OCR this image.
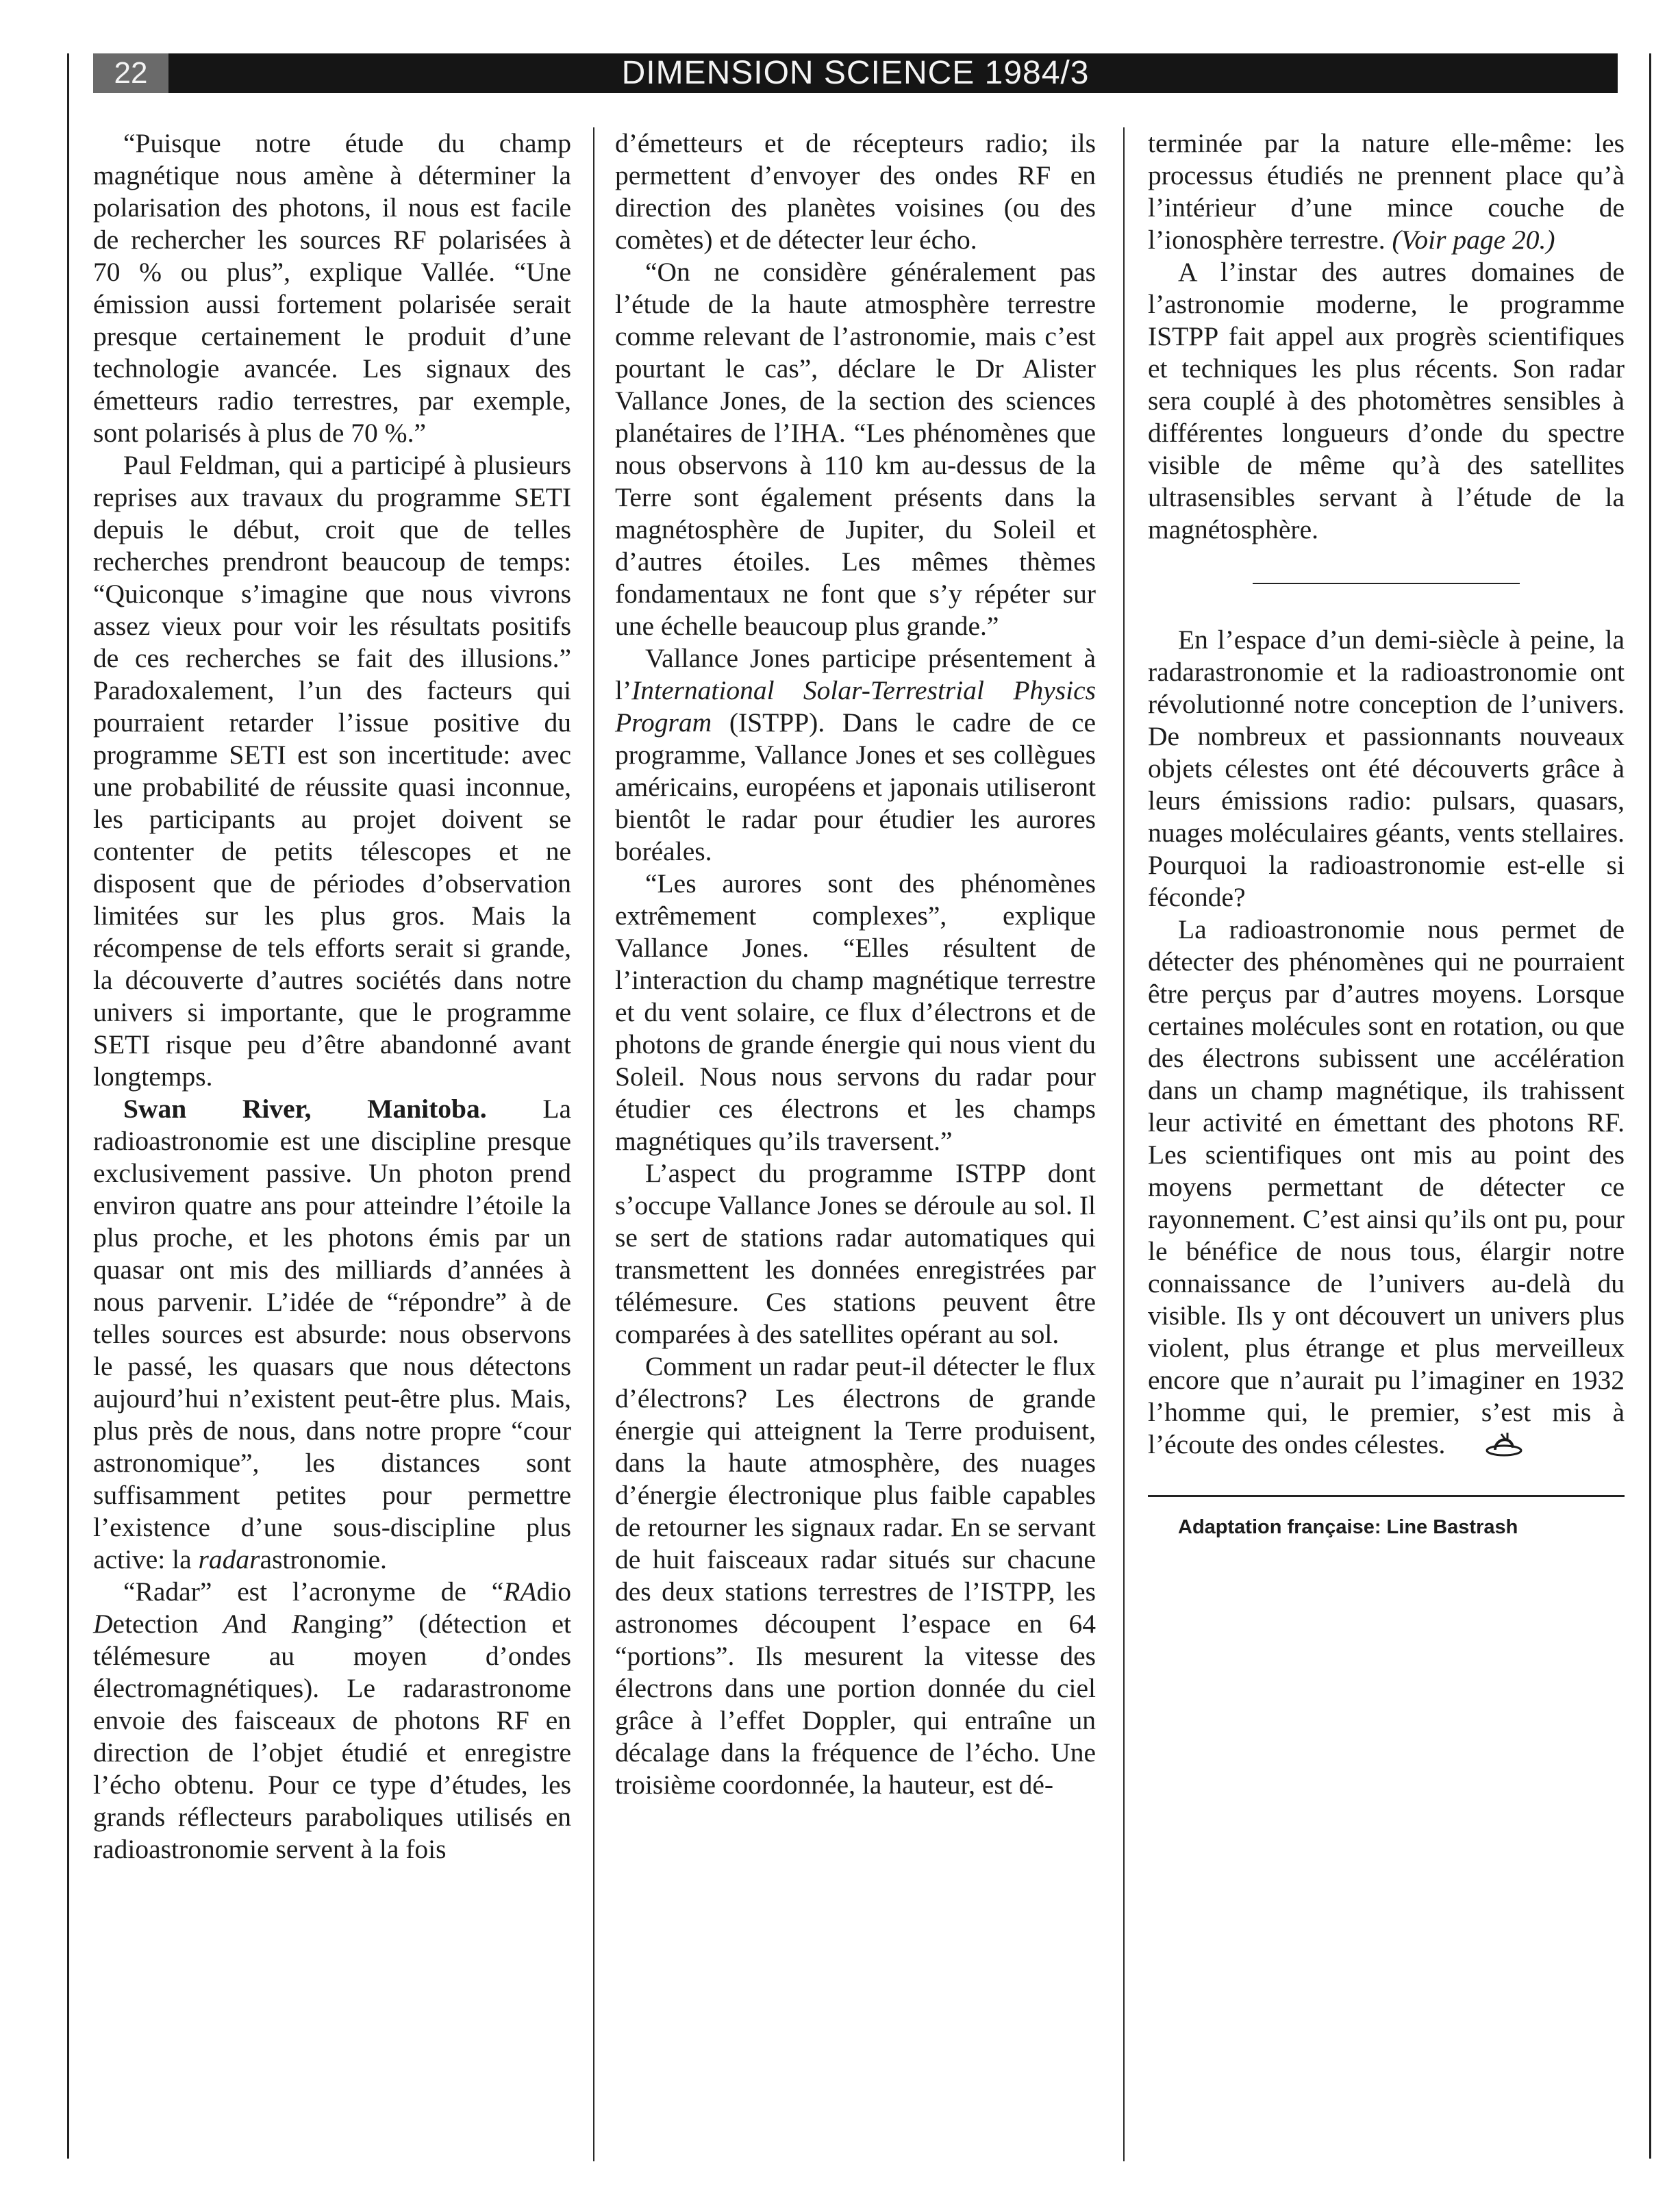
22	DIMENSION SCIENCE 1984/3

“Puisque notre étude du champ magnétique nous amène à déterminer la polarisation des photons, il nous est facile de rechercher les sources RF polarisées à 70 % ou plus”, explique Vallée. “Une émission aussi fortement polarisée serait presque certainement le produit d’une technologie avancée. Les signaux des émetteurs radio terrestres, par exemple, sont polarisés à plus de 70 %.”

Paul Feldman, qui a participé à plusieurs reprises aux travaux du programme SETI depuis le début, croit que de telles recherches prendront beaucoup de temps: “Quiconque s’imagine que nous vivrons assez vieux pour voir les résultats positifs de ces recherches se fait des illusions.” Paradoxalement, l’un des facteurs qui pourraient retarder l’issue positive du programme SETI est son incertitude: avec une probabilité de réussite quasi inconnue, les participants au projet doivent se contenter de petits télescopes et ne disposent que de périodes d’observation limitées sur les plus gros. Mais la récompense de tels efforts serait si grande, la découverte d’autres sociétés dans notre univers si importante, que le programme SETI risque peu d’être abandonné avant longtemps.

Swan River, Manitoba. La radioastronomie est une discipline presque exclusivement passive. Un photon prend environ quatre ans pour atteindre l’étoile la plus proche, et les photons émis par un quasar ont mis des milliards d’années à nous parvenir. L’idée de “répondre” à de telles sources est absurde: nous observons le passé, les quasars que nous détectons aujourd’hui n’existent peut-être plus. Mais, plus près de nous, dans notre propre “cour astronomique”, les distances sont suffisamment petites pour permettre l’existence d’une sous-discipline plus active: la radarastronomie.

“Radar” est l’acronyme de “RAdio Detection And Ranging” (détection et télémesure au moyen d’ondes électromagnétiques). Le radarastronome envoie des faisceaux de photons RF en direction de l’objet étudié et enregistre l’écho obtenu. Pour ce type d’études, les grands réflecteurs paraboliques utilisés en radioastronomie servent à la fois

d’émetteurs et de récepteurs radio; ils permettent d’envoyer des ondes RF en direction des planètes voisines (ou des comètes) et de détecter leur écho.

“On ne considère généralement pas l’étude de la haute atmosphère terrestre comme relevant de l’astronomie, mais c’est pourtant le cas”, déclare le Dr Alister Vallance Jones, de la section des sciences planétaires de l’IHA. “Les phénomènes que nous observons à 110 km au-dessus de la Terre sont également présents dans la magnétosphère de Jupiter, du Soleil et d’autres étoiles. Les mêmes thèmes fondamentaux ne font que s’y répéter sur une échelle beaucoup plus grande.”

Vallance Jones participe présentement à l’International Solar-Terrestrial Physics Program (ISTPP). Dans le cadre de ce programme, Vallance Jones et ses collègues américains, européens et japonais utiliseront bientôt le radar pour étudier les aurores boréales.

“Les aurores sont des phénomènes extrêmement complexes”, explique Vallance Jones. “Elles résultent de l’interaction du champ magnétique terrestre et du vent solaire, ce flux d’électrons et de photons de grande énergie qui nous vient du Soleil. Nous nous servons du radar pour étudier ces électrons et les champs magnétiques qu’ils traversent.”

L’aspect du programme ISTPP dont s’occupe Vallance Jones se déroule au sol. Il se sert de stations radar automatiques qui transmettent les données enregistrées par télémesure. Ces stations peuvent être comparées à des satellites opérant au sol.

Comment un radar peut-il détecter le flux d’électrons? Les électrons de grande énergie qui atteignent la Terre produisent, dans la haute atmosphère, des nuages d’énergie électronique plus faible capables de retourner les signaux radar. En se servant de huit faisceaux radar situés sur chacune des deux stations terrestres de l’ISTPP, les astronomes découpent l’espace en 64 “portions”. Ils mesurent la vitesse des électrons dans une portion donnée du ciel grâce à l’effet Doppler, qui entraîne un décalage dans la fréquence de l’écho. Une troisième coordonnée, la hauteur, est dé-

terminée par la nature elle-même: les processus étudiés ne prennent place qu’à l’intérieur d’une mince couche de l’ionosphère terrestre. (Voir page 20.)

A l’instar des autres domaines de l’astronomie moderne, le programme ISTPP fait appel aux progrès scientifiques et techniques les plus récents. Son radar sera couplé à des photomètres sensibles à différentes longueurs d’onde du spectre visible de même qu’à des satellites ultrasensibles servant à l’étude de la magnétosphère.

En l’espace d’un demi-siècle à peine, la radarastronomie et la radioastronomie ont révolutionné notre conception de l’univers. De nombreux et passionnants nouveaux objets célestes ont été découverts grâce à leurs émissions radio: pulsars, quasars, nuages moléculaires géants, vents stellaires. Pourquoi la radioastronomie est-elle si féconde?

La radioastronomie nous permet de détecter des phénomènes qui ne pourraient être perçus par d’autres moyens. Lorsque certaines molécules sont en rotation, ou que des électrons subissent une accélération dans un champ magnétique, ils trahissent leur activité en émettant des photons RF. Les scientifiques ont mis au point des moyens permettant de détecter ce rayonnement. C’est ainsi qu’ils ont pu, pour le bénéfice de nous tous, élargir notre connaissance de l’univers au-delà du visible. Ils y ont découvert un univers plus violent, plus étrange et plus merveilleux encore que n’aurait pu l’imaginer en 1932 l’homme qui, le premier, s’est mis à l’écoute des ondes célestes.

Adaptation française: Line Bastrash
